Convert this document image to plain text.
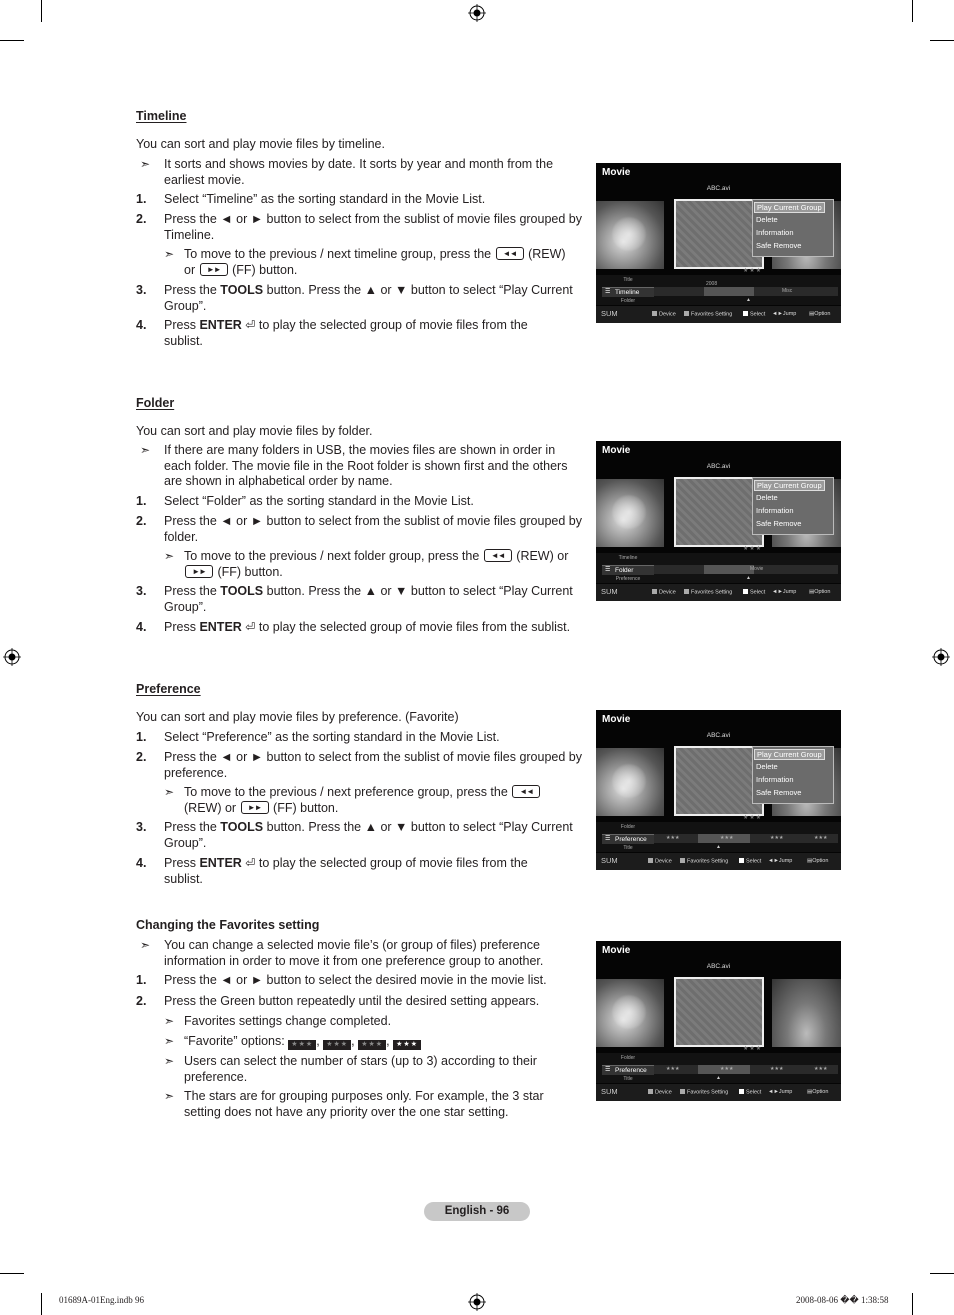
Timeline
You can sort and play movie files by timeline.
➣ It sorts and shows movies by date. It sorts by year and month from the earliest movie.
1. Select “Timeline” as the sorting standard in the Movie List.
2. Press the ◄ or ► button to select from the sublist of movie files grouped by Timeline.
➣ To move to the previous / next timeline group, press the	◄◄ (REW)
or	►► (FF) button.
3. Press the TOOLS button. Press the ▲ or ▼ button to select “Play Current Group”.
4. Press ENTER ⏎ to play the selected group of movie files from the sublist.
Movie
ABC.avi
Play Current Group
Delete
Information
Safe Remove
★★★
Title
☰ Timeline
Folder
2008
Misc
▲
SUM	Device	Favorites Setting	Select ◄►Jump ▤Option
Folder
You can sort and play movie files by folder.
➣ If there are many folders in USB, the movies files are shown in order in each folder. The movie file in the Root folder is shown first and the others are shown in alphabetical order by name.
1. Select “Folder” as the sorting standard in the Movie List.
2. Press the ◄ or ► button to select from the sublist of movie files grouped by folder.
➣ To move to the previous / next folder group, press the	◄◄ (REW) or

►► (FF) button.
3. Press the TOOLS button. Press the ▲ or ▼ button to select “Play Current Group”.
4. Press ENTER ⏎ to play the selected group of movie files from the sublist.
Movie
ABC.avi
Play Current Group
Delete
Information
Safe Remove
★★★
Timeline
☰ Folder
Preference
Movie
▲
SUM	Device	Favorites Setting	Select ◄►Jump ▤Option
Preference
You can sort and play movie files by preference. (Favorite)
1. Select “Preference” as the sorting standard in the Movie List.
2. Press the ◄ or ► button to select from the sublist of movie files grouped by preference.
➣ To move to the previous / next preference group, press the	◄◄

(REW) or	►► (FF) button.
3. Press the TOOLS button. Press the ▲ or ▼ button to select “Play Current Group”.
4. Press ENTER ⏎ to play the selected group of movie files from the sublist.
Movie
ABC.avi
Play Current Group
Delete
Information
Safe Remove
★★★
Folder
☰ Preference
Title
★★★	★★★	★★★	★★★
▲
SUM	Device	Favorites Setting	Select ◄►Jump	▤Option
Changing the Favorites setting
➣ You can change a selected movie file’s (or group of files) preference information in order to move it from one preference group to another.
1. Press the ◄ or ► button to select the desired movie in the movie list.
2. Press the Green button repeatedly until the desired setting appears.
➣ Favorites settings change completed.
➣ “Favorite” options: ★★★ , ★★★ , ★★★ , ★★★
➣ Users can select the number of stars (up to 3) according to their preference.
➣ The stars are for grouping purposes only. For example, the 3 star setting does not have any priority over the one star setting.
Movie
ABC.avi
★★★
Folder
☰ Preference
Title
★★★	★★★	★★★	★★★
▲
SUM	Device	Favorites Setting	Select ◄►Jump	▤Option
English - 96
01689A-01Eng.indb 96	2008-08-06 �� 1:38:58
